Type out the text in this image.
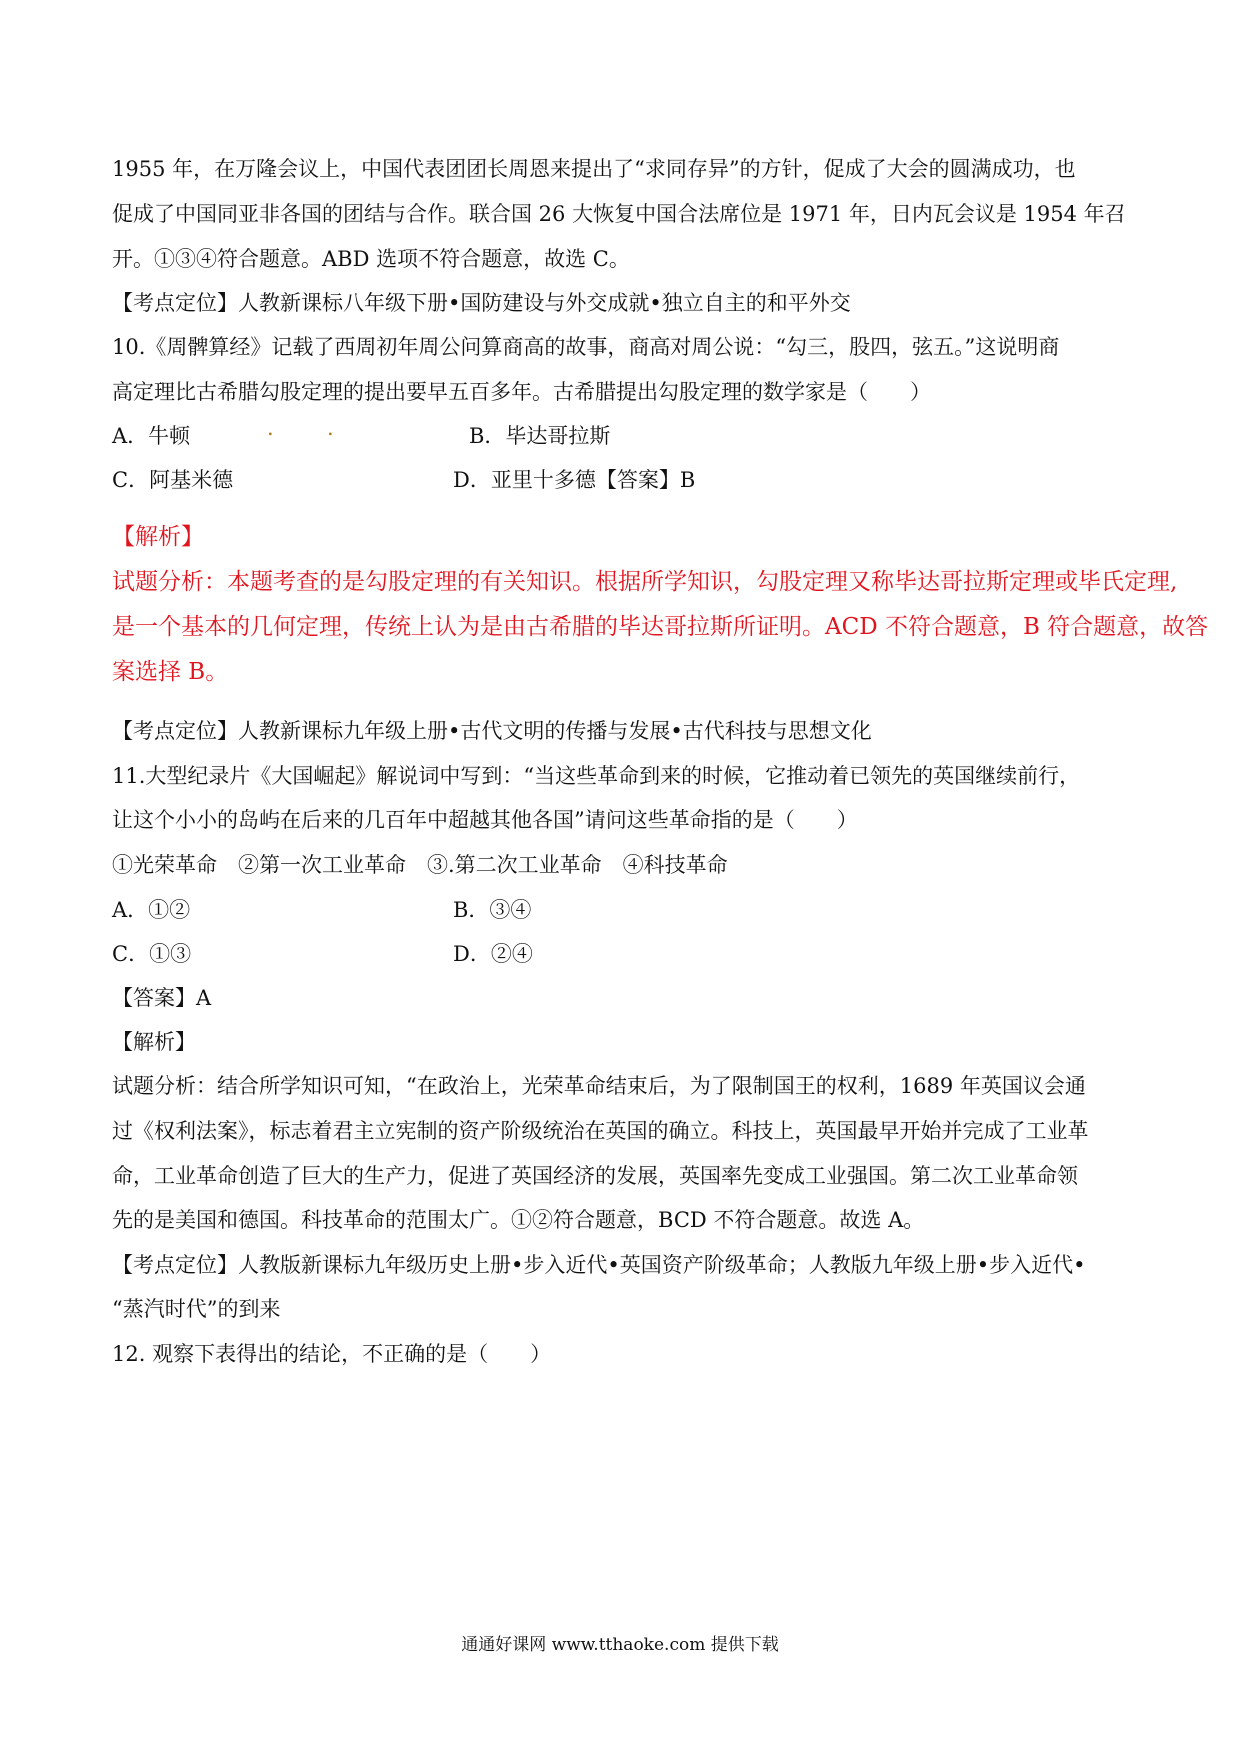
1955 年，在万隆会议上，中国代表团团长周恩来提出了“求同存异”的方针，促成了大会的圆满成功，也
促成了中国同亚非各国的团结与合作。联合国 26 大恢复中国合法席位是 1971 年，日内瓦会议是 1954 年召
开。①③④符合题意。ABD 选项不符合题意，故选 C。
【考点定位】人教新课标八年级下册•国防建设与外交成就•独立自主的和平外交
10.《周髀算经》记载了西周初年周公问算商高的故事，商高对周公说：“勾三，股四，弦五。”这说明商
高定理比古希腊勾股定理的提出要早五百多年。古希腊提出勾股定理的数学家是（　　）
A．牛顿	.	.	B．毕达哥拉斯
C．阿基米德	D．亚里十多德【答案】B
【解析】
试题分析：本题考查的是勾股定理的有关知识。根据所学知识，勾股定理又称毕达哥拉斯定理或毕氏定理,
是一个基本的几何定理，传统上认为是由古希腊的毕达哥拉斯所证明。ACD 不符合题意，B 符合题意，故答
案选择 B。
【考点定位】人教新课标九年级上册•古代文明的传播与发展•古代科技与思想文化
11.大型纪录片《大国崛起》解说词中写到：“当这些革命到来的时候，它推动着已领先的英国继续前行，
让这个小小的岛屿在后来的几百年中超越其他各国”请问这些革命指的是（　　）
①光荣革命　②第一次工业革命　③.第二次工业革命　④科技革命
A．①②	B．③④
C．①③	D．②④
【答案】A
【解析】
试题分析：结合所学知识可知，“在政治上，光荣革命结束后，为了限制国王的权利，1689 年英国议会通
过《权利法案》，标志着君主立宪制的资产阶级统治在英国的确立。科技上，英国最早开始并完成了工业革
命，工业革命创造了巨大的生产力，促进了英国经济的发展，英国率先变成工业强国。第二次工业革命领
先的是美国和德国。科技革命的范围太广。①②符合题意，BCD 不符合题意。故选 A。
【考点定位】人教版新课标九年级历史上册•步入近代•英国资产阶级革命；人教版九年级上册•步入近代•
“蒸汽时代”的到来
12. 观察下表得出的结论，不正确的是（　　）
通通好课网 www.tthaoke.com 提供下载
